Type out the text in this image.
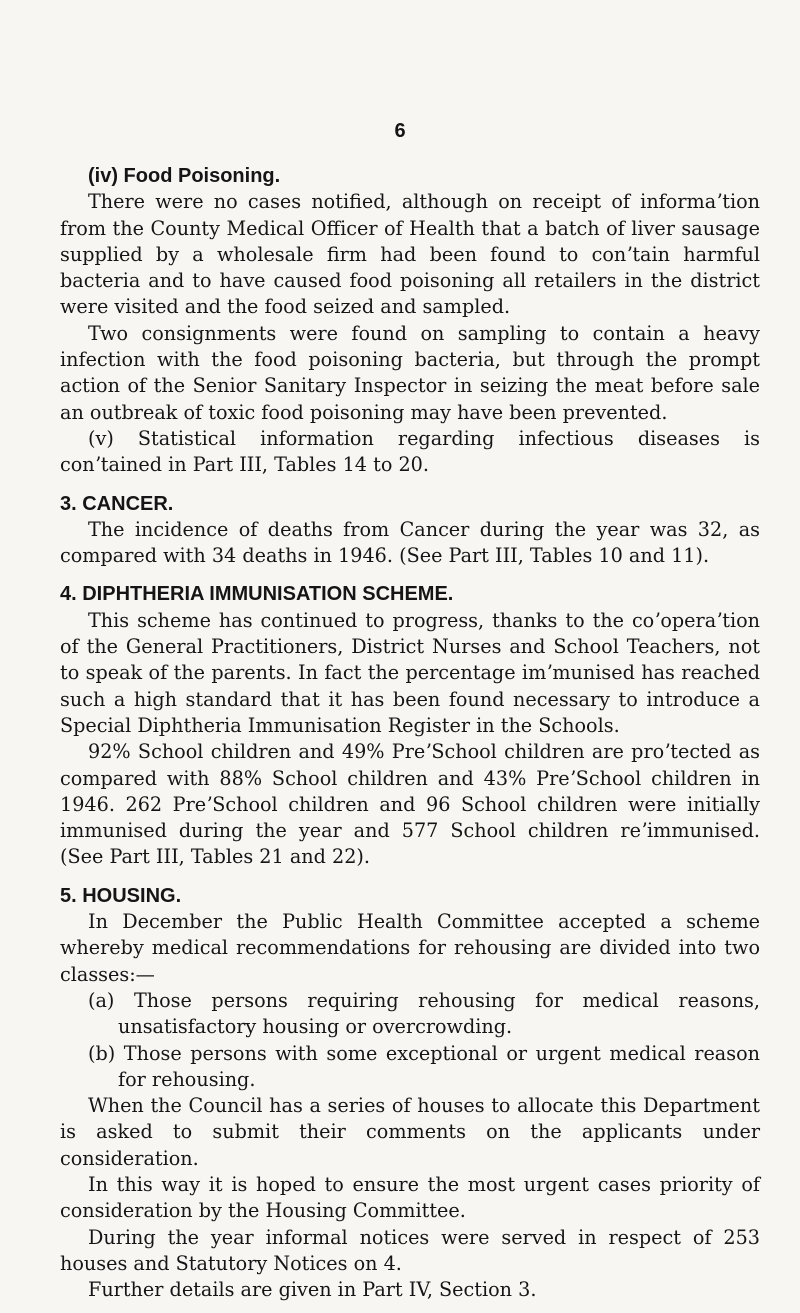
6

(iv) Food Poisoning.

There were no cases notified, although on receipt of informaʼtion from the County Medical Officer of Health that a batch of liver sausage supplied by a wholesale firm had been found to conʼtain harmful bacteria and to have caused food poisoning all retailers in the district were visited and the food seized and sampled.

Two consignments were found on sampling to contain a heavy infection with the food poisoning bacteria, but through the prompt action of the Senior Sanitary Inspector in seizing the meat before sale an outbreak of toxic food poisoning may have been prevented.

(v) Statistical information regarding infectious diseases is conʼtained in Part III, Tables 14 to 20.

3. CANCER.

The incidence of deaths from Cancer during the year was 32, as compared with 34 deaths in 1946. (See Part III, Tables 10 and 11).

4. DIPHTHERIA IMMUNISATION SCHEME.

This scheme has continued to progress, thanks to the coʼoperaʼtion of the General Practitioners, District Nurses and School Teachers, not to speak of the parents. In fact the percentage imʼmunised has reached such a high standard that it has been found necessary to introduce a Special Diphtheria Immunisation Register in the Schools.

92% School children and 49% PreʼSchool children are proʼtected as compared with 88% School children and 43% PreʼSchool children in 1946. 262 PreʼSchool children and 96 School children were initially immunised during the year and 577 School children reʼimmunised. (See Part III, Tables 21 and 22).

5. HOUSING.

In December the Public Health Committee accepted a scheme whereby medical recommendations for rehousing are divided into two classes:—

(a) Those persons requiring rehousing for medical reasons, unsatisfactory housing or overcrowding.

(b) Those persons with some exceptional or urgent medical reason for rehousing.

When the Council has a series of houses to allocate this Department is asked to submit their comments on the applicants under consideration.

In this way it is hoped to ensure the most urgent cases priority of consideration by the Housing Committee.

During the year informal notices were served in respect of 253 houses and Statutory Notices on 4.

Further details are given in Part IV, Section 3.
